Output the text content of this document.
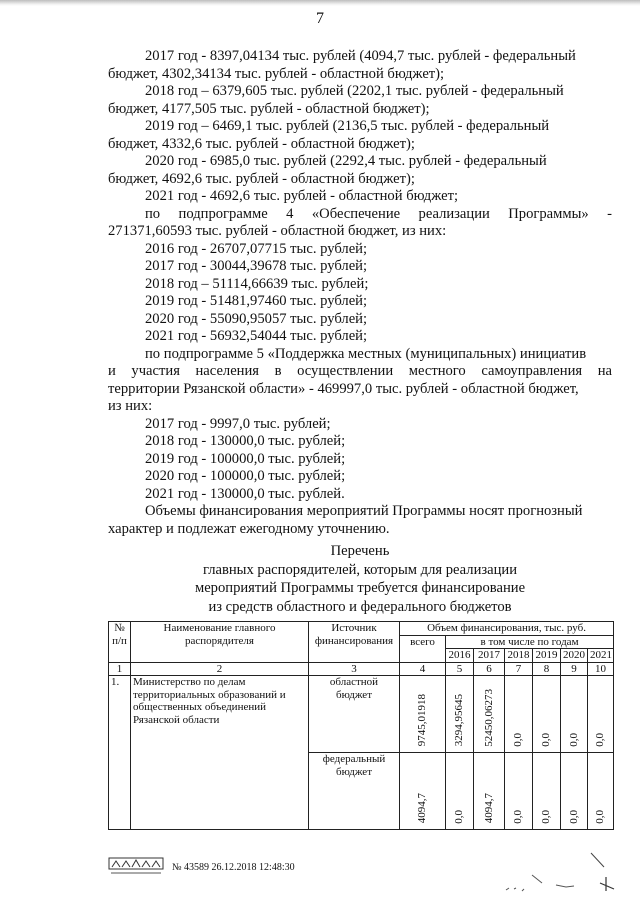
7
2017 год - 8397,04134 тыс. рублей (4094,7 тыс. рублей - федеральный
бюджет, 4302,34134 тыс. рублей - областной бюджет);
2018 год – 6379,605 тыс. рублей (2202,1 тыс. рублей - федеральный
бюджет, 4177,505 тыс. рублей - областной бюджет);
2019 год – 6469,1 тыс. рублей (2136,5 тыс. рублей - федеральный
бюджет, 4332,6 тыс. рублей - областной бюджет);
2020 год - 6985,0 тыс. рублей (2292,4 тыс. рублей - федеральный
бюджет, 4692,6 тыс. рублей - областной бюджет);
2021 год - 4692,6 тыс. рублей - областной бюджет;
по подпрограмме 4 «Обеспечение реализации Программы» -
271371,60593 тыс. рублей - областной бюджет, из них:
2016 год - 26707,07715 тыс. рублей;
2017 год - 30044,39678 тыс. рублей;
2018 год – 51114,66639 тыс. рублей;
2019 год - 51481,97460 тыс. рублей;
2020 год - 55090,95057 тыс. рублей;
2021 год - 56932,54044 тыс. рублей;
по подпрограмме 5 «Поддержка местных (муниципальных) инициатив
и участия населения в осуществлении местного самоуправления на
территории Рязанской области» - 469997,0 тыс. рублей - областной бюджет,
из них:
2017 год - 9997,0 тыс. рублей;
2018 год - 130000,0 тыс. рублей;
2019 год - 100000,0 тыс. рублей;
2020 год - 100000,0 тыс. рублей;
2021 год - 130000,0 тыс. рублей.
Объемы финансирования мероприятий Программы носят прогнозный
характер и подлежат ежегодному уточнению.
Перечень
главных распорядителей, которым для реализации
мероприятий Программы требуется финансирование
из средств областного и федерального бюджетов
№ п/п	Наименование главного распорядителя	Источник финансирования	Объем финансирования, тыс. руб.						
			всего	в том числе по годам					
				2016	2017	2018	2019	2020	2021
1	2	3	4	5	6	7	8	9	10
1.	Министерство по делам территориальных образований и общественных объединений Рязанской области	областной бюджет	9745,01918	3294,95645	52450,06273	0,0	0,0	0,0	0,0
		федеральный бюджет	4094,7	0,0	4094,7	0,0	0,0	0,0	0,0
№ 43589 26.12.2018 12:48:30
